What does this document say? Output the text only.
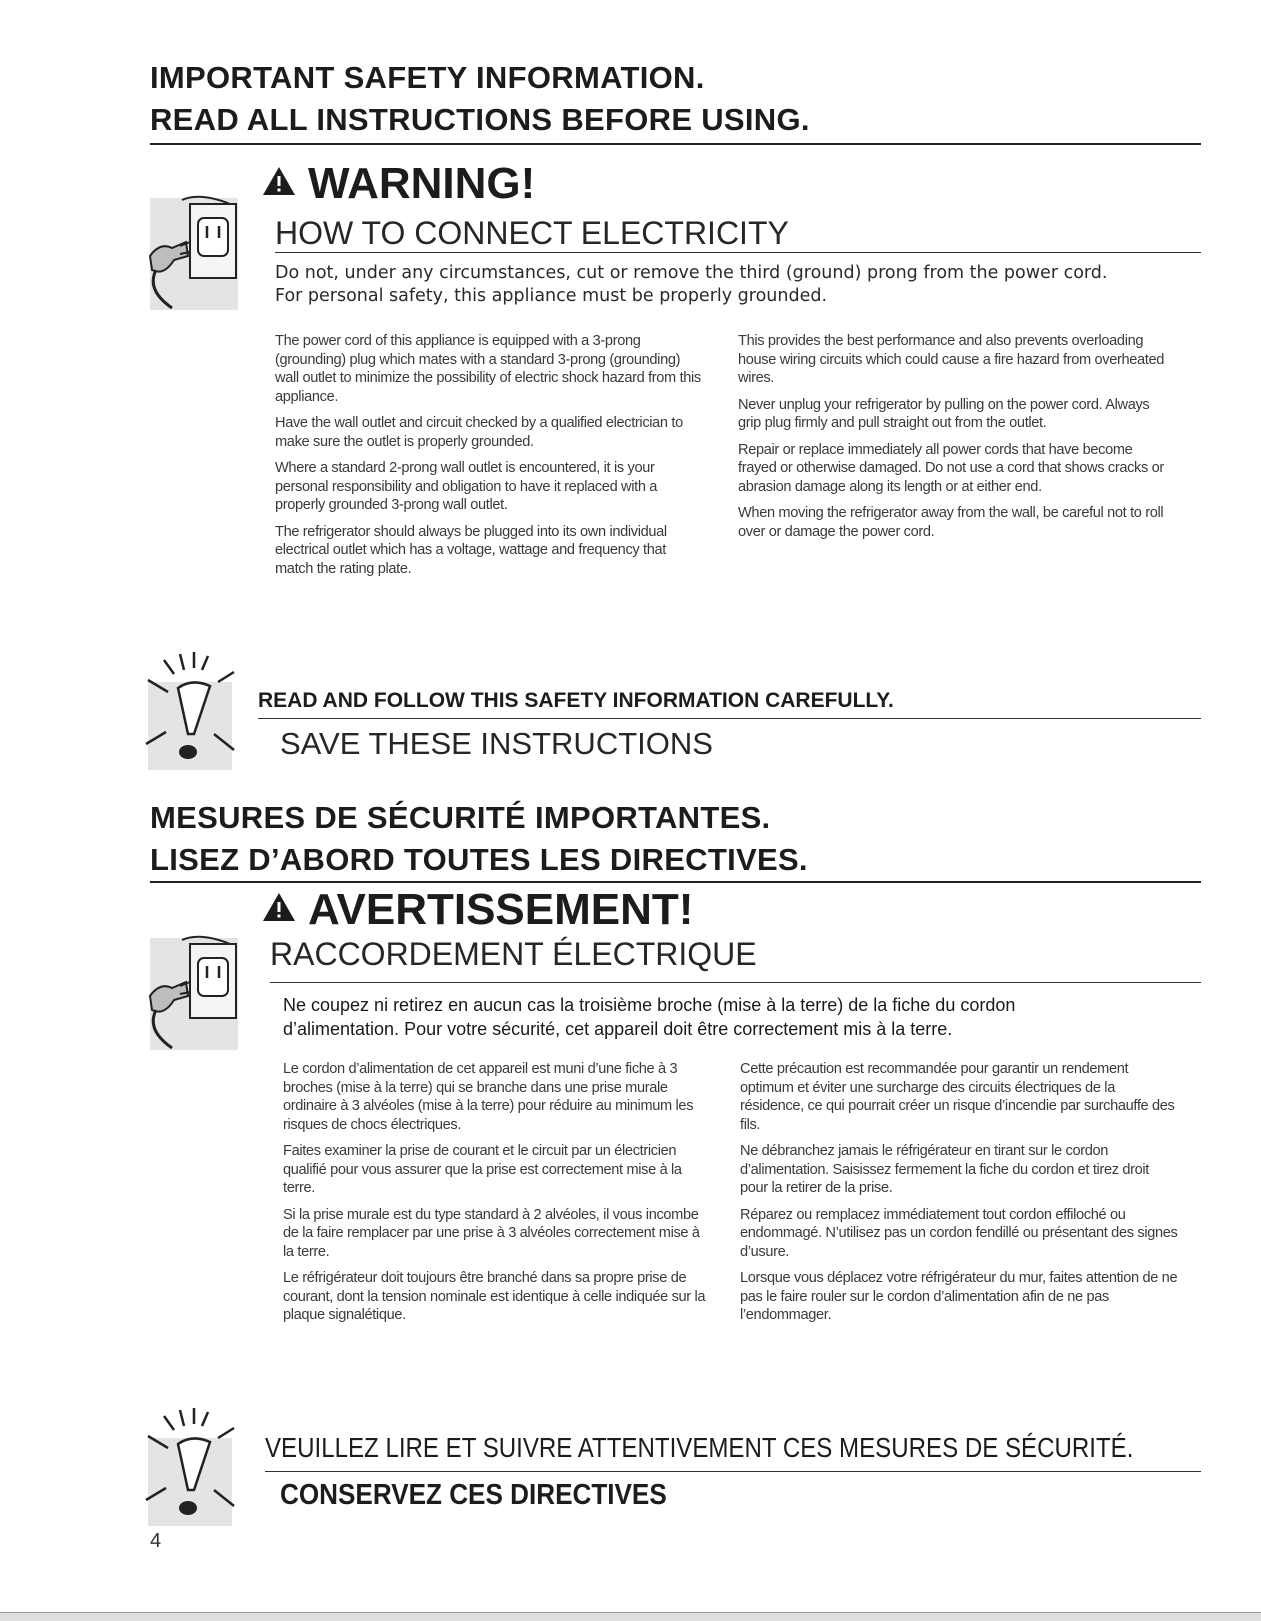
IMPORTANT SAFETY INFORMATION.
READ ALL INSTRUCTIONS BEFORE USING.
WARNING!
HOW TO CONNECT ELECTRICITY

Do not, under any circumstances, cut or remove the third (ground) prong from the power cord.

For personal safety, this appliance must be properly grounded.

The power cord of this appliance is equipped with a 3-prong (grounding) plug which mates with a standard 3-prong (grounding) wall outlet to minimize the possibility of electric shock hazard from this appliance.

Have the wall outlet and circuit checked by a qualified electrician to make sure the outlet is properly grounded.

Where a standard 2-prong wall outlet is encountered, it is your personal responsibility and obligation to have it replaced with a properly grounded 3-prong wall outlet.

The refrigerator should always be plugged into its own individual electrical outlet which has a voltage, wattage and frequency that match the rating plate.

This provides the best performance and also prevents overloading house wiring circuits which could cause a fire hazard from overheated wires.

Never unplug your refrigerator by pulling on the power cord. Always grip plug firmly and pull straight out from the outlet.

Repair or replace immediately all power cords that have become frayed or otherwise damaged. Do not use a cord that shows cracks or abrasion damage along its length or at either end.

When moving the refrigerator away from the wall, be careful not to roll over or damage the power cord.

READ AND FOLLOW THIS SAFETY INFORMATION CAREFULLY.
SAVE THESE INSTRUCTIONS
MESURES DE SÉCURITÉ IMPORTANTES.
LISEZ D’ABORD TOUTES LES DIRECTIVES.
AVERTISSEMENT!
RACCORDEMENT ÉLECTRIQUE

Ne coupez ni retirez en aucun cas la troisième broche (mise à la terre) de la fiche du cordon

d’alimentation. Pour votre sécurité, cet appareil doit être correctement mis à la terre.

Le cordon d’alimentation de cet appareil est muni d’une fiche à 3 broches (mise à la terre) qui se branche dans une prise murale ordinaire à 3 alvéoles (mise à la terre) pour réduire au minimum les risques de chocs électriques.

Faites examiner la prise de courant et le circuit par un électricien qualifié pour vous assurer que la prise est correctement mise à la terre.

Si la prise murale est du type standard à 2 alvéoles, il vous incombe de la faire remplacer par une prise à 3 alvéoles correctement mise à la terre.

Le réfrigérateur doit toujours être branché dans sa propre prise de courant, dont la tension nominale est identique à celle indiquée sur la plaque signalétique.

Cette précaution est recommandée pour garantir un rendement optimum et éviter une surcharge des circuits électriques de la résidence, ce qui pourrait créer un risque d’incendie par surchauffe des fils.

Ne débranchez jamais le réfrigérateur en tirant sur le cordon d’alimentation. Saisissez fermement la fiche du cordon et tirez droit pour la retirer de la prise.

Réparez ou remplacez immédiatement tout cordon effiloché ou endommagé. N’utilisez pas un cordon fendillé ou présentant des signes d’usure.

Lorsque vous déplacez votre réfrigérateur du mur, faites attention de ne pas le faire rouler sur le cordon d’alimentation afin de ne pas l’endommager.

VEUILLEZ LIRE ET SUIVRE ATTENTIVEMENT CES MESURES DE SÉCURITÉ.
CONSERVEZ CES DIRECTIVES
4
